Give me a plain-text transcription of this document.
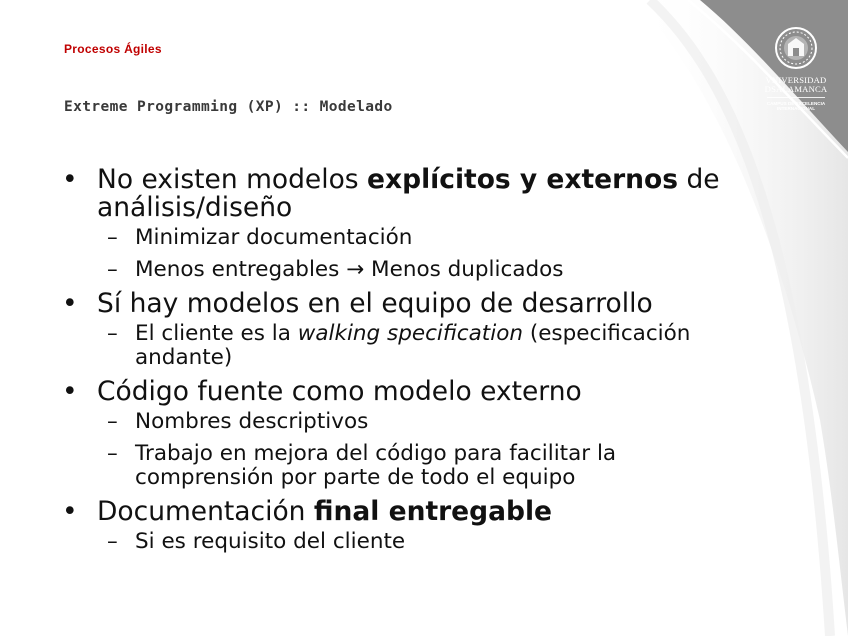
Procesos Ágiles
Extreme Programming (XP) :: Modelado
VNIVERSIDAD
DSALAMANCA
CAMPUS DE EXCELENCIA
INTERNACIONAL
• No existen modelos explícitos y externos de análisis/diseño
– Minimizar documentación
– Menos entregables → Menos duplicados
• Sí hay modelos en el equipo de desarrollo
– El cliente es la walking specification (especificación andante)
• Código fuente como modelo externo
– Nombres descriptivos
– Trabajo en mejora del código para facilitar la comprensión por parte de todo el equipo
• Documentación final entregable
– Si es requisito del cliente
